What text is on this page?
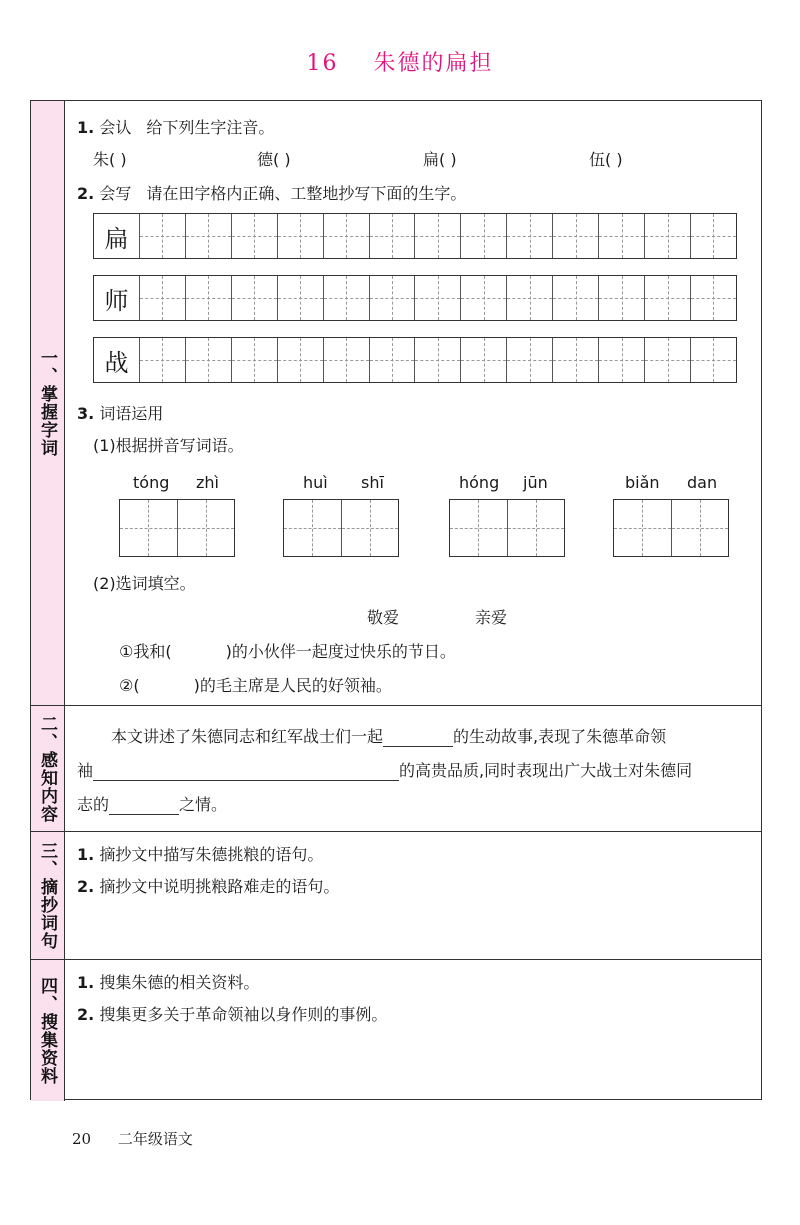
16 朱德的扁担
一、掌握字词
1. 会认 给下列生字注音。
朱( )	德( )	扁( )	伍( )
2. 会写 请在田字格内正确、工整地抄写下面的生字。
扁
师
战
3. 词语运用
(1)根据拼音写词语。
tóng zhì	huì shī	hóng jūn	biǎn dan
(2)选词填空。
敬爱	亲爱
①我和(	)的小伙伴一起度过快乐的节日。
②(	)的毛主席是人民的好领袖。
二、感知内容	本文讲述了朱德同志和红军战士们一起	的生动故事,表现了朱德革命领
袖	的高贵品质,同时表现出广大战士对朱德同
志的	之情。
三、摘抄词句 1. 摘抄文中描写朱德挑粮的语句。
2. 摘抄文中说明挑粮路难走的语句。
四、搜集资料 1. 搜集朱德的相关资料。
2. 搜集更多关于革命领袖以身作则的事例。
20 二年级语文
